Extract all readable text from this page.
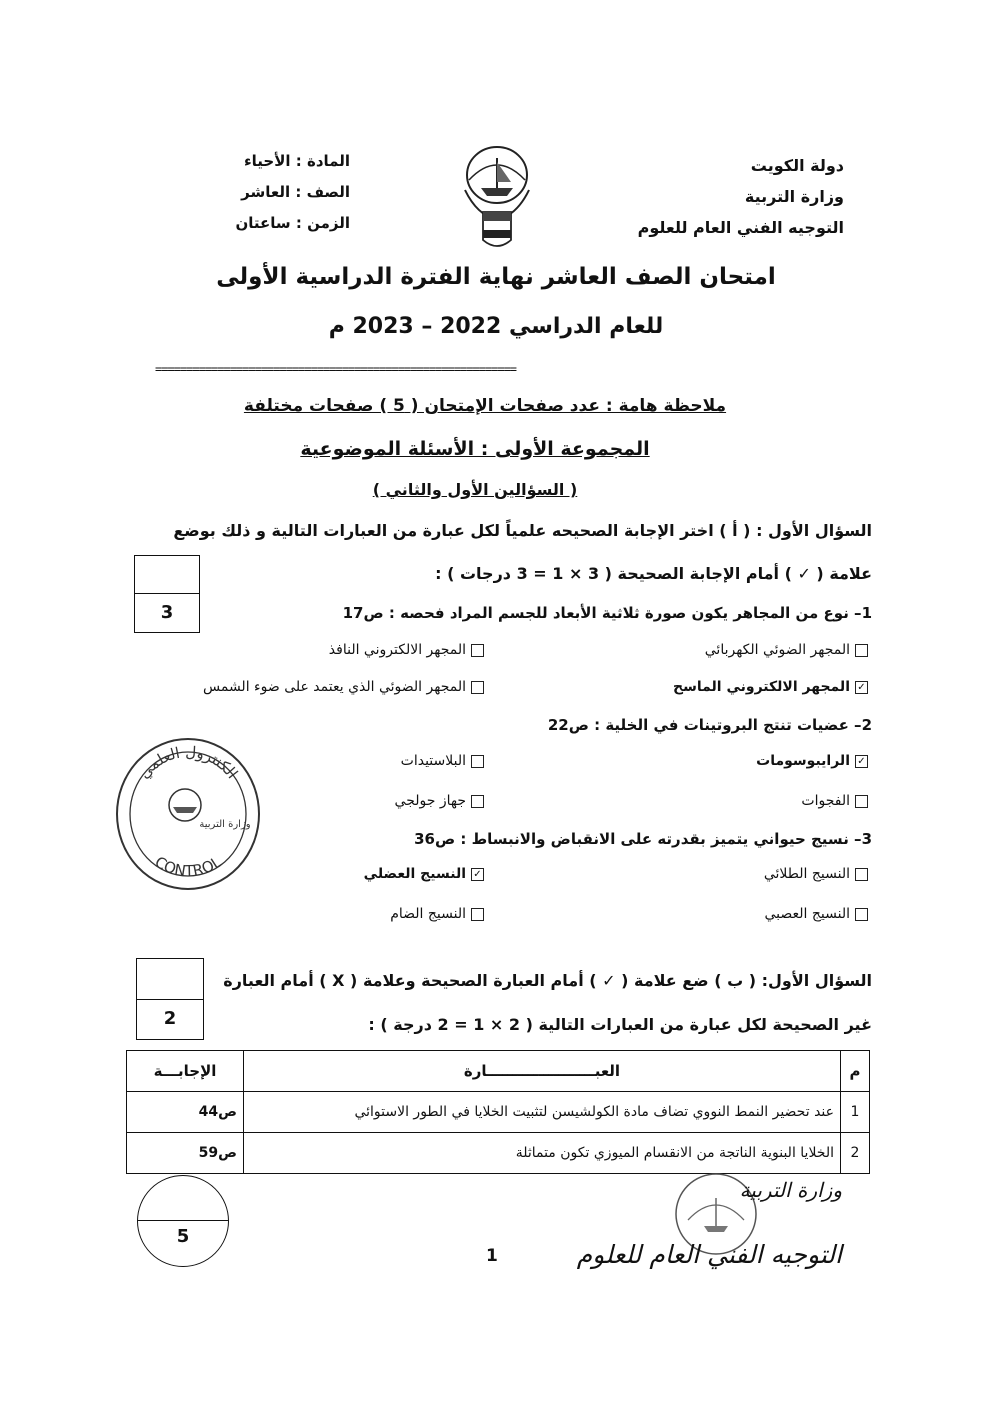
دولة الكويت
وزارة التربية
التوجيه الفني العام للعلوم
المادة : الأحياء
الصف : العاشر
الزمن : ساعتان
امتحان الصف العاشر نهاية الفترة الدراسية الأولى
للعام الدراسي 2022 – 2023 م
==========================================================
ملاحظة هامة : عدد صفحات الإمتحان ( 5 ) صفحات مختلفة
المجموعة الأولى : الأسئلة الموضوعية
( السؤالين الأول والثاني )
السؤال الأول : ( أ ) اختر الإجابة الصحيحه علمياً لكل عبارة من العبارات التالية و ذلك بوضع
علامة ( ✓ ) أمام الإجابة الصحيحة ( 3 × 1 = 3 درجات ) :
3	1– نوع من المجاهر يكون صورة ثلاثية الأبعاد للجسم المراد فحصه : ص17
المجهر الضوئي الكهربائي
المجهر الالكتروني النافذ
✓المجهر الالكتروني الماسح
المجهر الضوئي الذي يعتمد على ضوء الشمس
2– عضيات تنتج البروتينات في الخلية : ص22
✓الرايبوسومات
البلاستيدات
الفجوات
جهاز جولجي
3– نسيج حيواني يتميز بقدرته على الانقباض والانبساط : ص36
النسيج الطلائي
✓النسيج العضلي
النسيج العصبي
النسيج الضام
الكنترول العلمي
وزارة التربية
CONTROL
2
السؤال الأول: ( ب ) ضع علامة ( ✓ ) أمام العبارة الصحيحة وعلامة ( X ) أمام العبارة
غير الصحيحة لكل عبارة من العبارات التالية ( 2 × 1 = 2 درجة ) :
م	العبـــــــــــــــــــــارة	الإجابـــة
1	عند تحضير النمط النووي تضاف مادة الكولشيسن لتثبيت الخلايا في الطور الاستوائي	ص44
2	الخلايا البنوية الناتجة من الانقسام الميوزي تكون متماثلة	ص59
5
1
وزارة التربية
التوجيه الفني العام للعلوم
